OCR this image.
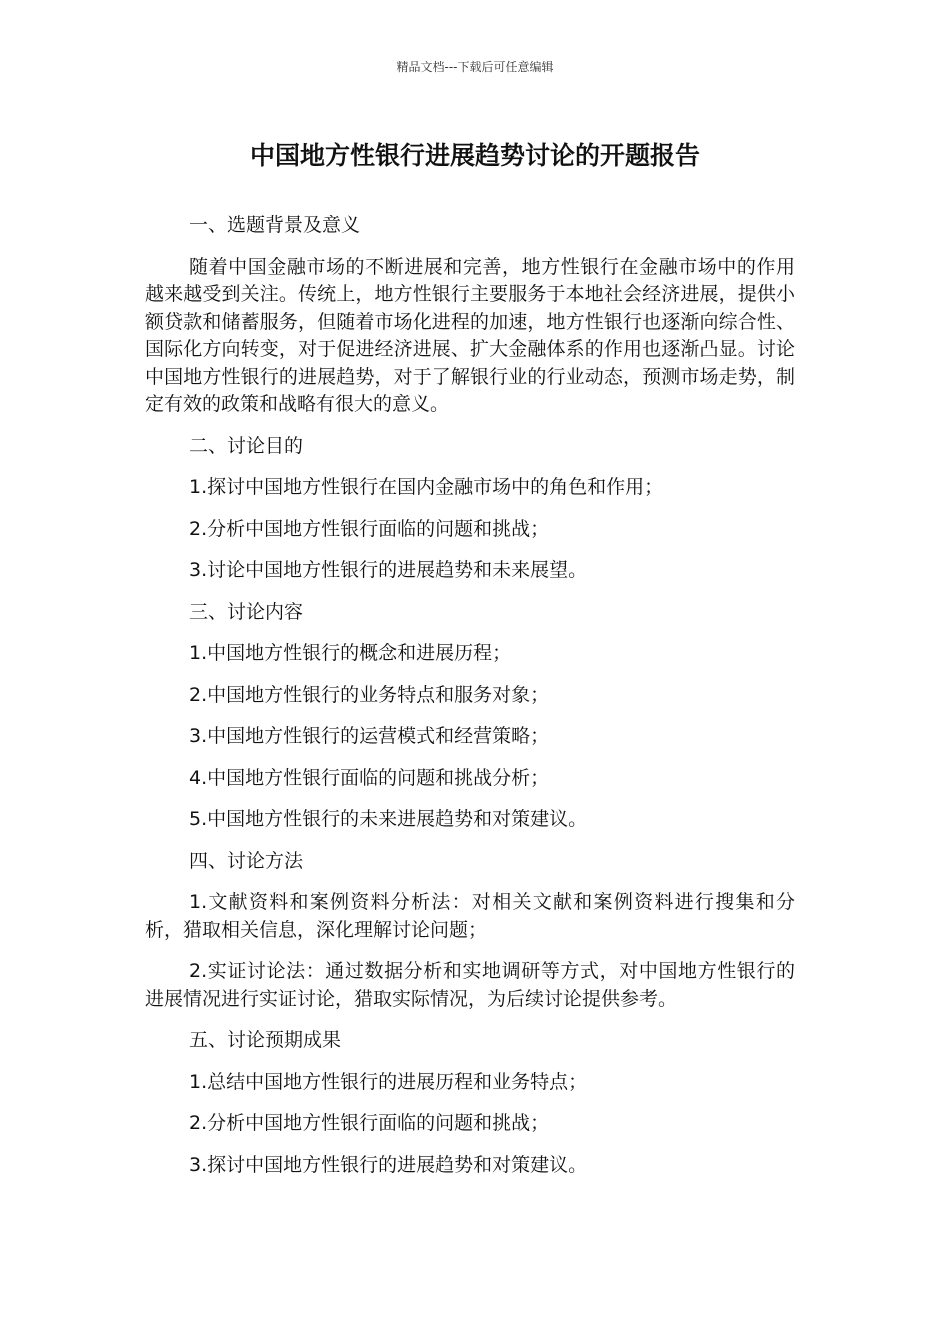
精品文档---下载后可任意编辑
中国地方性银行进展趋势讨论的开题报告

一、选题背景及意义

随着中国金融市场的不断进展和完善，地方性银行在金融市场中的作用越来越受到关注。传统上，地方性银行主要服务于本地社会经济进展，提供小额贷款和储蓄服务，但随着市场化进程的加速，地方性银行也逐渐向综合性、国际化方向转变，对于促进经济进展、扩大金融体系的作用也逐渐凸显。讨论中国地方性银行的进展趋势，对于了解银行业的行业动态，预测市场走势，制定有效的政策和战略有很大的意义。

二、讨论目的

1.探讨中国地方性银行在国内金融市场中的角色和作用；

2.分析中国地方性银行面临的问题和挑战；

3.讨论中国地方性银行的进展趋势和未来展望。

三、讨论内容

1.中国地方性银行的概念和进展历程；

2.中国地方性银行的业务特点和服务对象；

3.中国地方性银行的运营模式和经营策略；

4.中国地方性银行面临的问题和挑战分析；

5.中国地方性银行的未来进展趋势和对策建议。

四、讨论方法

1.文献资料和案例资料分析法：对相关文献和案例资料进行搜集和分析，猎取相关信息，深化理解讨论问题；

2.实证讨论法：通过数据分析和实地调研等方式，对中国地方性银行的进展情况进行实证讨论，猎取实际情况，为后续讨论提供参考。

五、讨论预期成果

1.总结中国地方性银行的进展历程和业务特点；

2.分析中国地方性银行面临的问题和挑战；

3.探讨中国地方性银行的进展趋势和对策建议。
